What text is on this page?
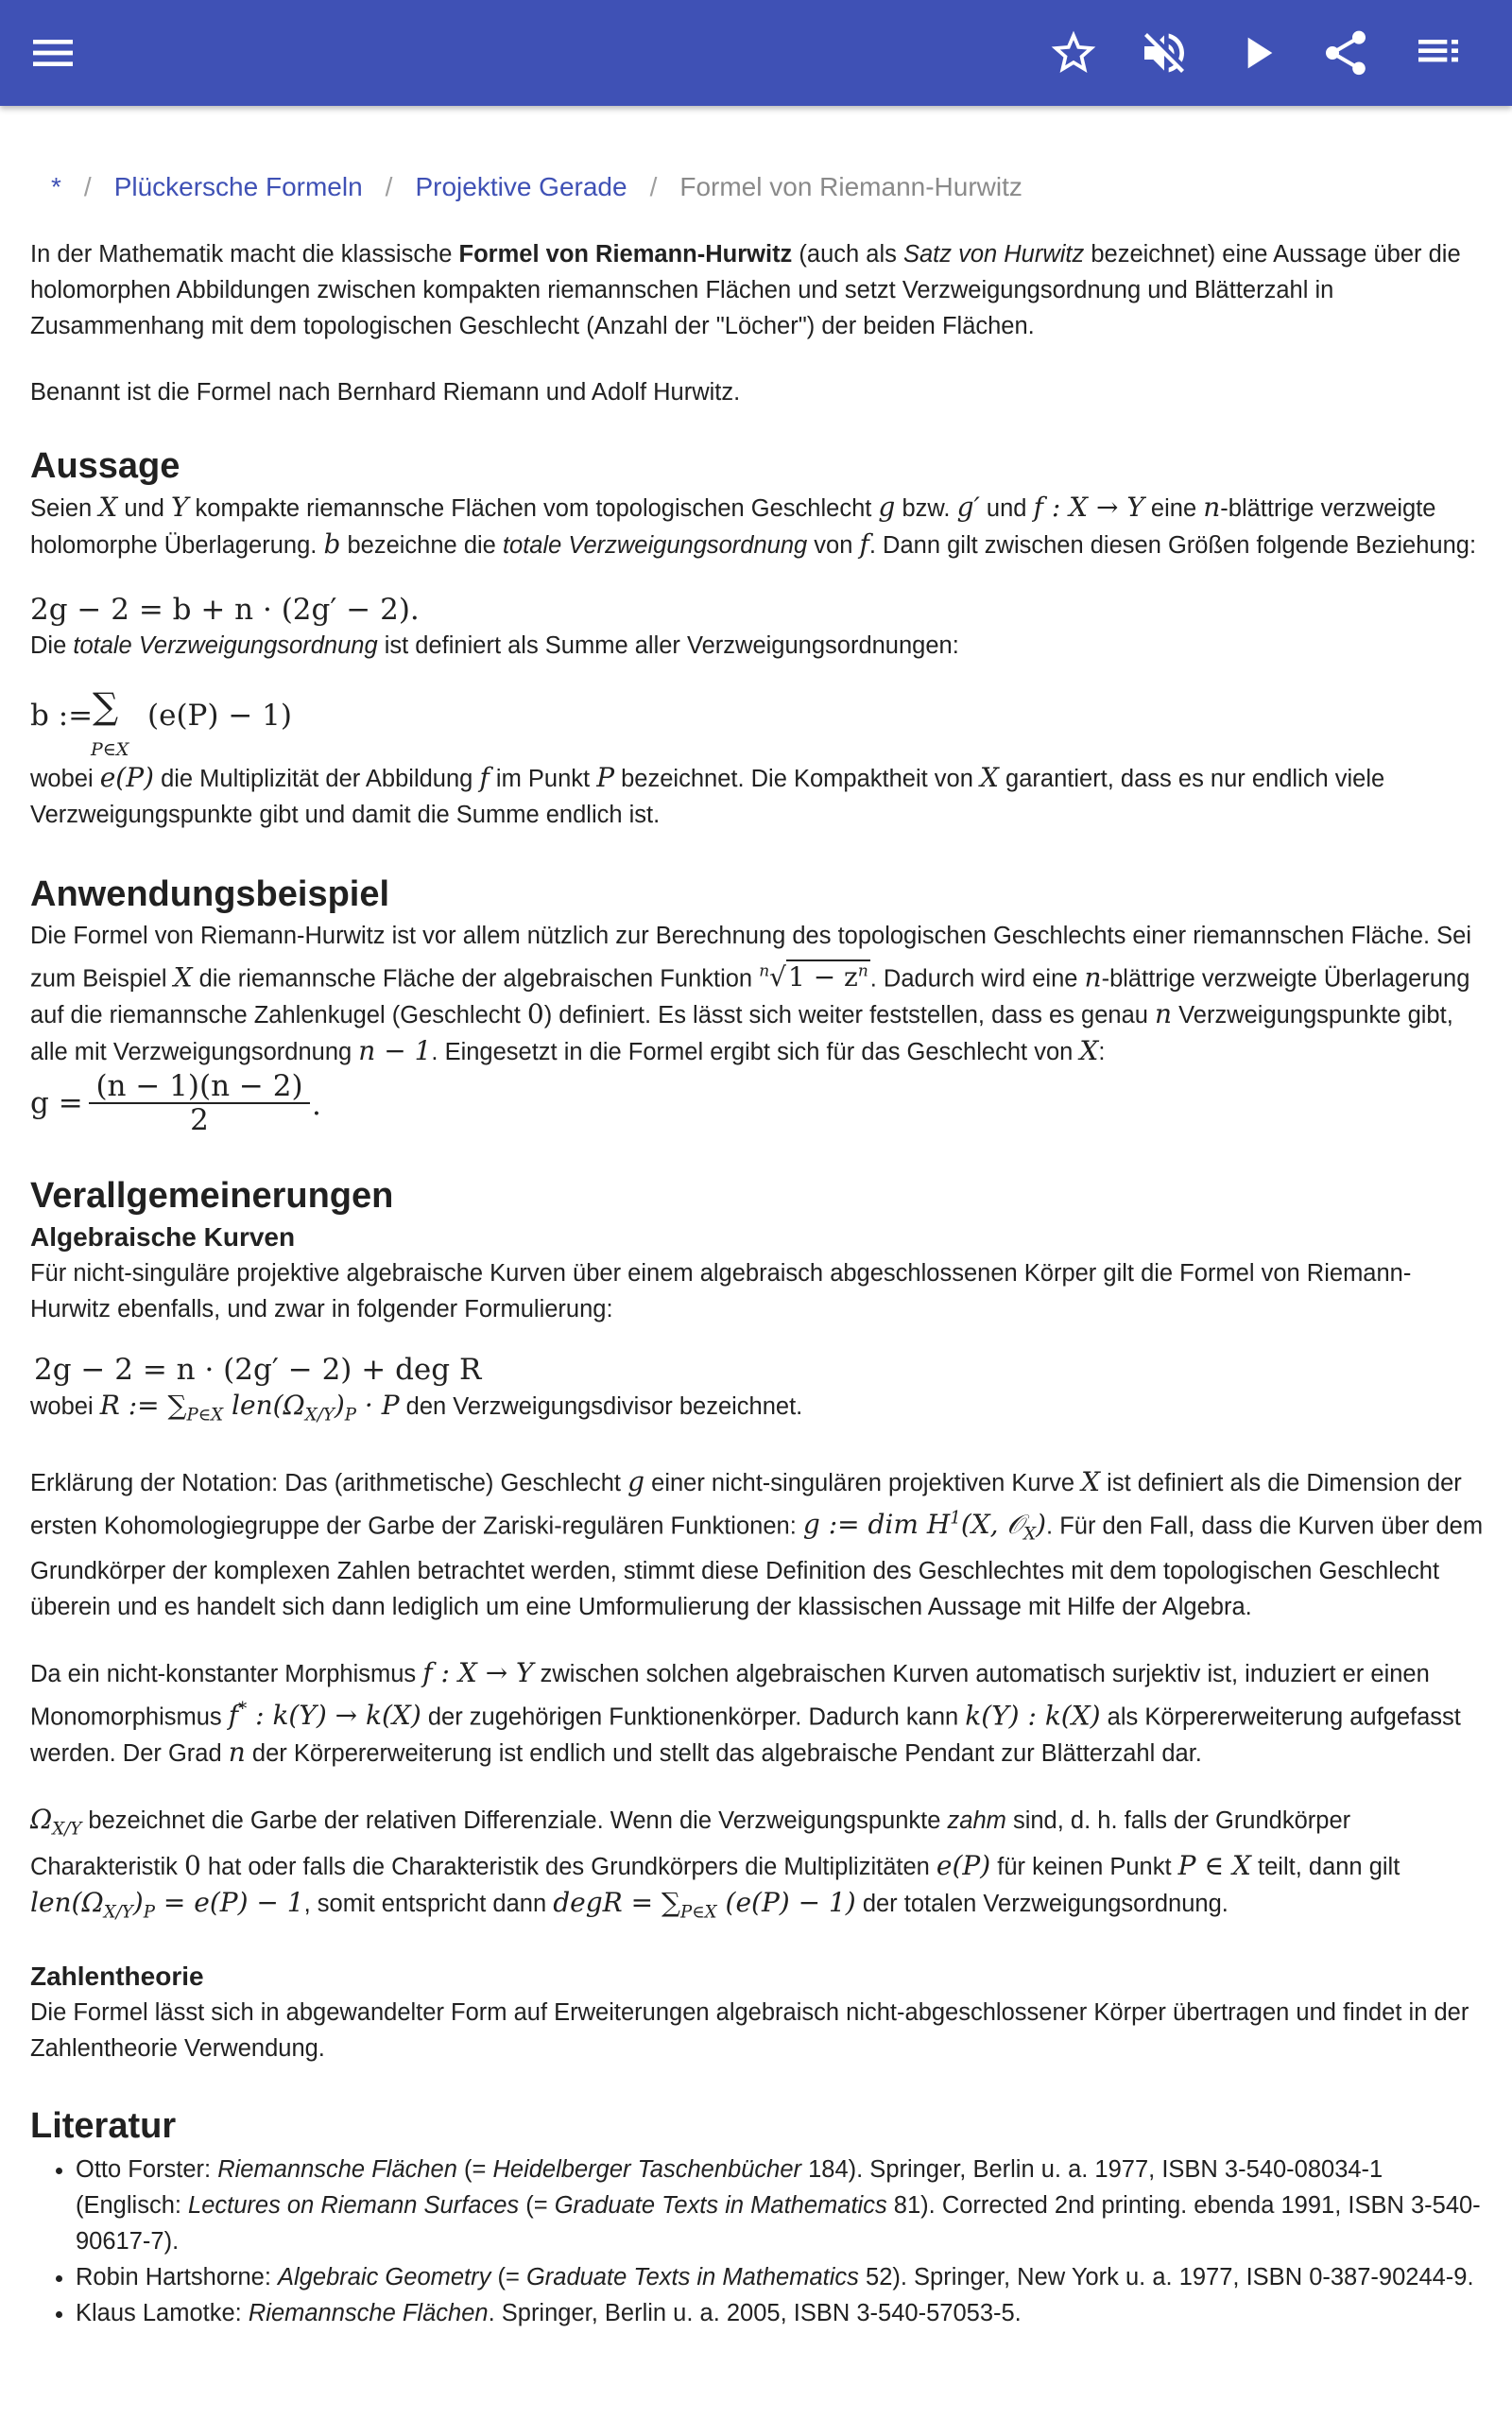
* / Plückersche Formeln / Projektive Gerade / Formel von Riemann-Hurwitz

In der Mathematik macht die klassische Formel von Riemann-Hurwitz (auch als Satz von Hurwitz bezeichnet) eine Aussage über die holomorphen Abbildungen zwischen kompakten riemannschen Flächen und setzt Verzweigungsordnung und Blätterzahl in Zusammenhang mit dem topologischen Geschlecht (Anzahl der "Löcher") der beiden Flächen.

Benannt ist die Formel nach Bernhard Riemann und Adolf Hurwitz.

Aussage

Seien X und Y kompakte riemannsche Flächen vom topologischen Geschlecht g bzw. g′ und f : X → Y eine n-blättrige verzweigte holomorphe Überlagerung. b bezeichne die totale Verzweigungsordnung von f. Dann gilt zwischen diesen Größen folgende Beziehung:

2g − 2 = b + n · (2g′ − 2).

Die totale Verzweigungsordnung ist definiert als Summe aller Verzweigungsordnungen:

b := ∑
P∈X
(e(P) − 1)

wobei e(P) die Multiplizität der Abbildung f im Punkt P bezeichnet. Die Kompaktheit von X garantiert, dass es nur endlich viele Verzweigungspunkte gibt und damit die Summe endlich ist.

Anwendungsbeispiel

Die Formel von Riemann-Hurwitz ist vor allem nützlich zur Berechnung des topologischen Geschlechts einer riemannschen Fläche. Sei zum Beispiel X die riemannsche Fläche der algebraischen Funktion $^n√1 - z^n$. Dadurch wird eine n-blättrige verzweigte Überlagerung auf die riemannsche Zahlenkugel (Geschlecht 0) definiert. Es lässt sich weiter feststellen, dass es genau n Verzweigungspunkte gibt, alle mit Verzweigungsordnung n − 1. Eingesetzt in die Formel ergibt sich für das Geschlecht von X:

$g = \frac{(n - 1)(n - 2)}{2}$ .
Verallgemeinerungen
Algebraische Kurven

Für nicht-singuläre projektive algebraische Kurven über einem algebraisch abgeschlossenen Körper gilt die Formel von Riemann-Hurwitz ebenfalls, und zwar in folgender Formulierung:

2g − 2 = n · (2g′ − 2) + deg R

wobei R := $\sum_{P\in X}$ $len(\Omega_{X/Y})_P \cdot P$ den Verzweigungsdivisor bezeichnet.

Erklärung der Notation: Das (arithmetische) Geschlecht g einer nicht-singulären projektiven Kurve X ist definiert als die Dimension der ersten Kohomologiegruppe der Garbe der Zariski-regulären Funktionen: g := dim $H^1(X$, 𝒪$_X$). Für den Fall, dass die Kurven über dem Grundkörper der komplexen Zahlen betrachtet werden, stimmt diese Definition des Geschlechtes mit dem topologischen Geschlecht überein und es handelt sich dann lediglich um eine Umformulierung der klassischen Aussage mit Hilfe der Algebra.

Da ein nicht-konstanter Morphismus f : X → Y zwischen solchen algebraischen Kurven automatisch surjektiv ist, induziert er einen Monomorphismus f* : k(Y) → k(X) der zugehörigen Funktionenkörper. Dadurch kann k(Y) : k(X) als Körpererweiterung aufgefasst werden. Der Grad n der Körpererweiterung ist endlich und stellt das algebraische Pendant zur Blätterzahl dar.

$\Omega_{X/Y}$ bezeichnet die Garbe der relativen Differenziale. Wenn die Verzweigungspunkte zahm sind, d. h. falls der Grundkörper Charakteristik 0 hat oder falls die Charakteristik des Grundkörpers die Multiplizitäten e(P) für keinen Punkt P ∈ X teilt, dann gilt $len(\Omega_{X/Y})_P = e(P) - 1$, somit entspricht dann degR = $\sum_{P\in X}$ (e(P) − 1) der totalen Verzweigungsordnung.

Zahlentheorie

Die Formel lässt sich in abgewandelter Form auf Erweiterungen algebraisch nicht-abgeschlossener Körper übertragen und findet in der Zahlentheorie Verwendung.

Literatur
• Otto Forster: Riemannsche Flächen (= Heidelberger Taschenbücher 184). Springer, Berlin u. a. 1977, ISBN 3-540-08034-1 (Englisch: Lectures on Riemann Surfaces (= Graduate Texts in Mathematics 81). Corrected 2nd printing. ebenda 1991, ISBN 3-540-90617-7).
• Robin Hartshorne: Algebraic Geometry (= Graduate Texts in Mathematics 52). Springer, New York u. a. 1977, ISBN 0-387-90244-9.
• Klaus Lamotke: Riemannsche Flächen. Springer, Berlin u. a. 2005, ISBN 3-540-57053-5.
